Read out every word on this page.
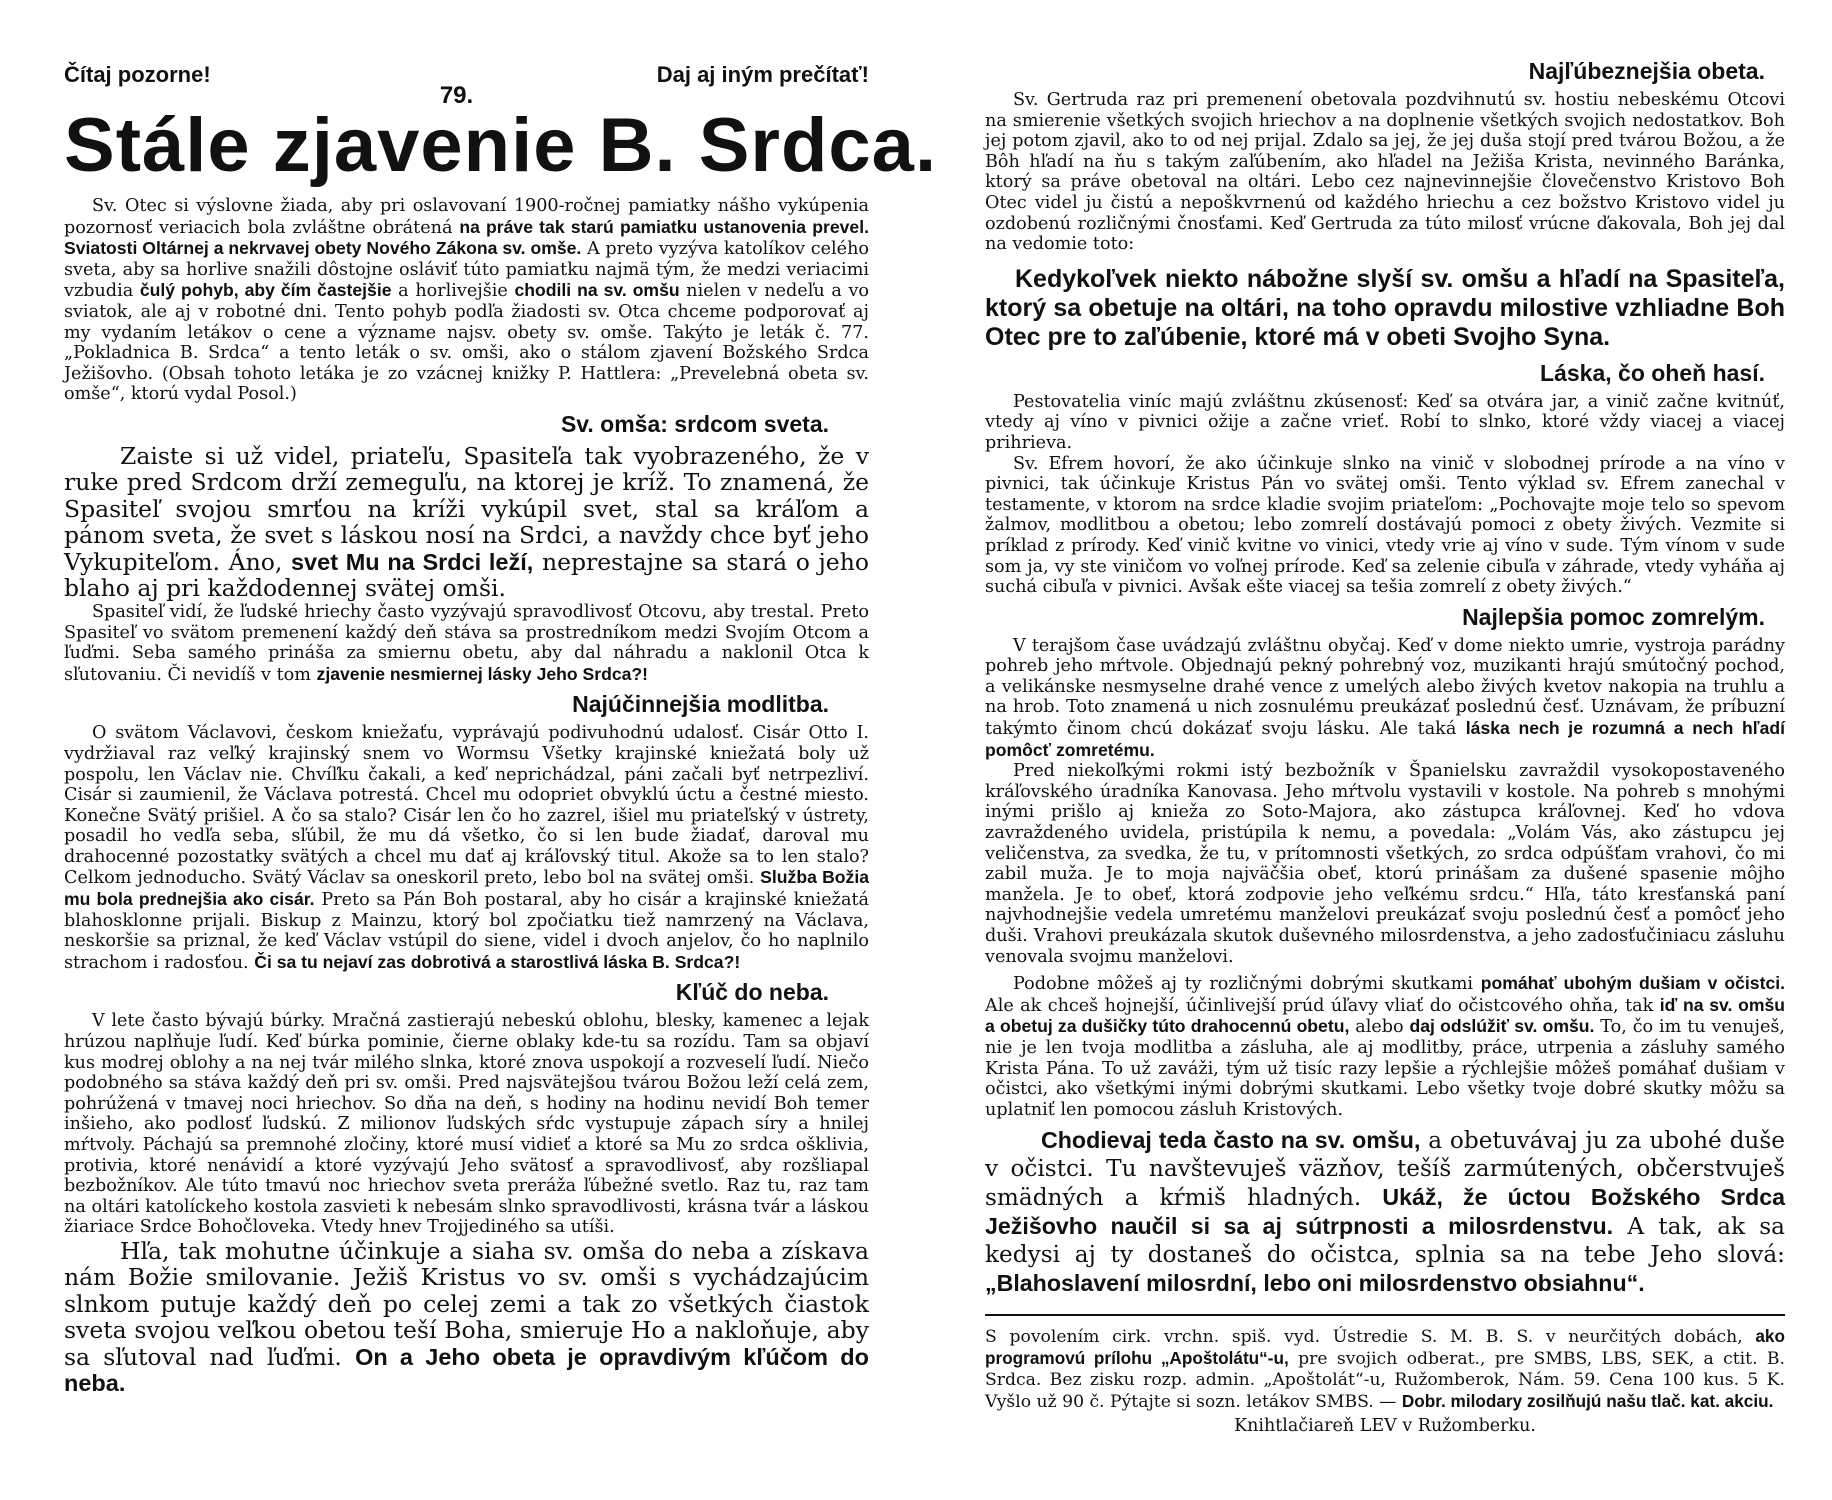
Čítaj pozorne!	Daj aj iným prečítať!
79.
Stále zjavenie B. Srdca.

Sv. Otec si výslovne žiada, aby pri oslavovaní 1900-ročnej pamiatky nášho vykúpenia pozornosť veriacich bola zvláštne obrátená na práve tak starú pamiatku ustanovenia prevel. Sviatosti Oltárnej a nekrvavej obety Nového Zákona sv. omše. A preto vyzýva katolíkov celého sveta, aby sa horlive snažili dôstojne osláviť túto pamiatku najmä tým, že medzi veriacimi vzbudia čulý pohyb, aby čím častejšie a horlivejšie chodili na sv. omšu nielen v nedeľu a vo sviatok, ale aj v robotné dni. Tento pohyb podľa žiadosti sv. Otca chceme podporovať aj my vydaním letákov o cene a význame najsv. obety sv. omše. Takýto je leták č. 77. „Pokladnica B. Srdca“ a tento leták o sv. omši, ako o stálom zjavení Božského Srdca Ježišovho. (Obsah tohoto letáka je zo vzácnej knižky P. Hattlera: „Prevelebná obeta sv. omše“, ktorú vydal Posol.)

Sv. omša: srdcom sveta.

Zaiste si už videl, priateľu, Spasiteľa tak vyobrazeného, že v ruke pred Srdcom drží zemeguľu, na ktorej je kríž. To znamená, že Spasiteľ svojou smrťou na kríži vykúpil svet, stal sa kráľom a pánom sveta, že svet s láskou nosí na Srdci, a navždy chce byť jeho Vykupiteľom. Áno, svet Mu na Srdci leží, neprestajne sa stará o jeho blaho aj pri každodennej svätej omši.

Spasiteľ vidí, že ľudské hriechy často vyzývajú spravodlivosť Otcovu, aby trestal. Preto Spasiteľ vo svätom premenení každý deň stáva sa prostredníkom medzi Svojím Otcom a ľuďmi. Seba samého prináša za smiernu obetu, aby dal náhradu a naklonil Otca k sľutovaniu. Či nevidíš v tom zjavenie nesmiernej lásky Jeho Srdca?!

Najúčinnejšia modlitba.

O svätom Václavovi, českom kniežaťu, vyprávajú podivuhodnú udalosť. Cisár Otto I. vydržiaval raz veľký krajinský snem vo Wormsu Všetky krajinské kniežatá boly už pospolu, len Václav nie. Chvíľku čakali, a keď neprichádzal, páni začali byť netrpezliví. Cisár si zaumienil, že Václava potrestá. Chcel mu odopriet obvyklú úctu a čestné miesto. Konečne Svätý prišiel. A čo sa stalo? Cisár len čo ho zazrel, išiel mu priateľský v ústrety, posadil ho vedľa seba, sľúbil, že mu dá všetko, čo si len bude žiadať, daroval mu drahocenné pozostatky svätých a chcel mu dať aj kráľovský titul. Akože sa to len stalo? Celkom jednoducho. Svätý Václav sa oneskoril preto, lebo bol na svätej omši. Služba Božia mu bola prednejšia ako cisár. Preto sa Pán Boh postaral, aby ho cisár a krajinské kniežatá blahosklonne prijali. Biskup z Mainzu, ktorý bol zpočiatku tiež namrzený na Václava, neskoršie sa priznal, že keď Václav vstúpil do siene, videl i dvoch anjelov, čo ho naplnilo strachom i radosťou. Či sa tu nejaví zas dobrotivá a starostlivá láska B. Srdca?!

Kľúč do neba.

V lete často bývajú búrky. Mračná zastierajú nebeskú oblohu, blesky, kamenec a lejak hrúzou naplňuje ľudí. Keď búrka pominie, čierne oblaky kde-tu sa rozídu. Tam sa objaví kus modrej oblohy a na nej tvár milého slnka, ktoré znova uspokojí a rozveselí ľudí. Niečo podobného sa stáva každý deň pri sv. omši. Pred najsvätejšou tvárou Božou leží celá zem, pohrúžená v tmavej noci hriechov. So dňa na deň, s hodiny na hodinu nevidí Boh temer inšieho, ako podlosť ľudskú. Z milionov ľudských sŕdc vystupuje zápach síry a hnilej mŕtvoly. Páchajú sa premnohé zločiny, ktoré musí vidieť a ktoré sa Mu zo srdca ošklivia, protivia, ktoré nenávidí a ktoré vyzývajú Jeho svätosť a spravodlivosť, aby rozšliapal bezbožníkov. Ale túto tmavú noc hriechov sveta preráža ľúbežné svetlo. Raz tu, raz tam na oltári katolíckeho kostola zasvieti k nebesám slnko spravodlivosti, krásna tvár a láskou žiariace Srdce Bohočloveka. Vtedy hnev Trojjediného sa utíši.

Hľa, tak mohutne účinkuje a siaha sv. omša do neba a získava nám Božie smilovanie. Ježiš Kristus vo sv. omši s vychádzajúcim slnkom putuje každý deň po celej zemi a tak zo všetkých čiastok sveta svojou veľkou obetou teší Boha, smieruje Ho a nakloňuje, aby sa sľutoval nad ľuďmi. On a Jeho obeta je opravdivým kľúčom do neba.

Najľúbeznejšia obeta.

Sv. Gertruda raz pri premenení obetovala pozdvihnutú sv. hostiu nebeskému Otcovi na smierenie všetkých svojich hriechov a na doplnenie všetkých svojich nedostatkov. Boh jej potom zjavil, ako to od nej prijal. Zdalo sa jej, že jej duša stojí pred tvárou Božou, a že Bôh hľadí na ňu s takým zaľúbením, ako hľadel na Ježiša Krista, nevinného Baránka, ktorý sa práve obetoval na oltári. Lebo cez najnevinnejšie človečenstvo Kristovo Boh Otec videl ju čistú a nepoškvrnenú od každého hriechu a cez božstvo Kristovo videl ju ozdobenú rozličnými čnosťami. Keď Gertruda za túto milosť vrúcne ďakovala, Boh jej dal na vedomie toto:

Kedykoľvek niekto nábožne slyší sv. omšu a hľadí na Spasiteľa, ktorý sa obetuje na oltári, na toho opravdu milostive vzhliadne Boh Otec pre to zaľúbenie, ktoré má v obeti Svojho Syna.
Láska, čo oheň hasí.

Pestovatelia viníc majú zvláštnu zkúsenosť: Keď sa otvára jar, a vinič začne kvitnúť, vtedy aj víno v pivnici ožije a začne vrieť. Robí to slnko, ktoré vždy viacej a viacej prihrieva.

Sv. Efrem hovorí, že ako účinkuje slnko na vinič v slobodnej prírode a na víno v pivnici, tak účinkuje Kristus Pán vo svätej omši. Tento výklad sv. Efrem zanechal v testamente, v ktorom na srdce kladie svojim priateľom: „Pochovajte moje telo so spevom žalmov, modlitbou a obetou; lebo zomrelí dostávajú pomoci z obety živých. Vezmite si príklad z prírody. Keď vinič kvitne vo vinici, vtedy vrie aj víno v sude. Tým vínom v sude som ja, vy ste viničom vo voľnej prírode. Keď sa zelenie cibuľa v záhrade, vtedy vyháňa aj suchá cibuľa v pivnici. Avšak ešte viacej sa tešia zomrelí z obety živých.“

Najlepšia pomoc zomrelým.

V terajšom čase uvádzajú zvláštnu obyčaj. Keď v dome niekto umrie, vystroja parádny pohreb jeho mŕtvole. Objednajú pekný pohrebný voz, muzikanti hrajú smútočný pochod, a velikánske nesmyselne drahé vence z umelých alebo živých kvetov nakopia na truhlu a na hrob. Toto znamená u nich zosnulému preukázať poslednú česť. Uznávam, že príbuzní takýmto činom chcú dokázať svoju lásku. Ale taká láska nech je rozumná a nech hľadí pomôcť zomretému.

Pred niekoľkými rokmi istý bezbožník v Španielsku zavraždil vysokopostaveného kráľovského úradníka Kanovasa. Jeho mŕtvolu vystavili v kostole. Na pohreb s mnohými inými prišlo aj knieža zo Soto-Majora, ako zástupca kráľovnej. Keď ho vdova zavraždeného uvidela, pristúpila k nemu, a povedala: „Volám Vás, ako zástupcu jej veličenstva, za svedka, že tu, v prítomnosti všetkých, zo srdca odpúšťam vrahovi, čo mi zabil muža. Je to moja najväčšia obeť, ktorú prinášam za dušené spasenie môjho manžela. Je to obeť, ktorá zodpovie jeho veľkému srdcu.“ Hľa, táto kresťanská paní najvhodnejšie vedela umretému manželovi preukázať svoju poslednú česť a pomôcť jeho duši. Vrahovi preukázala skutok duševného milosrdenstva, a jeho zadosťučiniacu zásluhu venovala svojmu manželovi.

Podobne môžeš aj ty rozličnými dobrými skutkami pomáhať ubohým dušiam v očistci. Ale ak chceš hojnejší, účinlivejší prúd úľavy vliať do očistcového ohňa, tak iď na sv. omšu a obetuj za dušičky túto drahocennú obetu, alebo daj odslúžiť sv. omšu. To, čo im tu venuješ, nie je len tvoja modlitba a zásluha, ale aj modlitby, práce, utrpenia a zásluhy samého Krista Pána. To už zaváži, tým už tisíc razy lepšie a rýchlejšie môžeš pomáhať dušiam v očistci, ako všetkými inými dobrými skutkami. Lebo všetky tvoje dobré skutky môžu sa uplatniť len pomocou zásluh Kristových.

Chodievaj teda často na sv. omšu, a obetuvávaj ju za ubohé duše v očistci. Tu navštevuješ väzňov, tešíš zarmútených, občerstvuješ smädných a kŕmiš hladných. Ukáž, že úctou Božského Srdca Ježišovho naučil si sa aj sútrpnosti a milosrdenstvu. A tak, ak sa kedysi aj ty dostaneš do očistca, splnia sa na tebe Jeho slová: „Blahoslavení milosrdní, lebo oni milosrdenstvo obsiahnu“.

S povolením cirk. vrchn. spiš. vyd. Ústredie S. M. B. S. v neurčitých dobách, ako programovú prílohu „Apoštolátu“-u, pre svojich odberat., pre SMBS, LBS, SEK, a ctit. B. Srdca. Bez zisku rozp. admin. „Apoštolát“-u, Ružomberok, Nám. 59. Cena 100 kus. 5 K. Vyšlo už 90 č. Pýtajte si sozn. letákov SMBS. — Dobr. milodary zosilňujú našu tlač. kat. akciu.

Knihtlačiareň LEV v Ružomberku.
